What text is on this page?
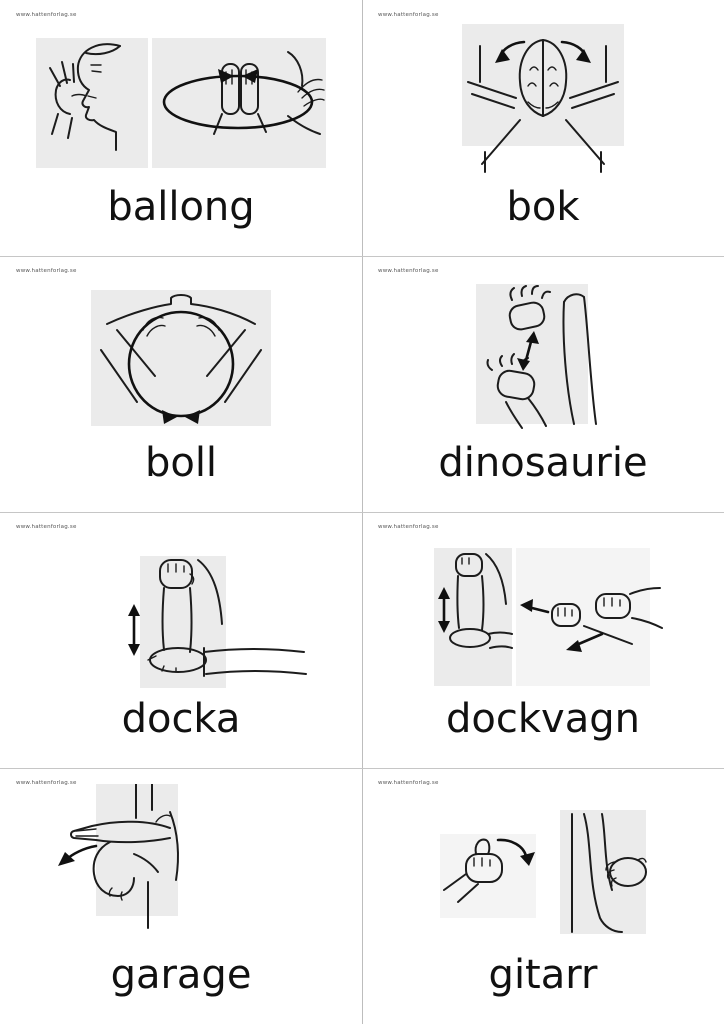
www.hattenforlag.se
ballong
www.hattenforlag.se
bok
www.hattenforlag.se
boll
www.hattenforlag.se
dinosaurie
www.hattenforlag.se
docka
www.hattenforlag.se
dockvagn
www.hattenforlag.se
garage
www.hattenforlag.se
gitarr
